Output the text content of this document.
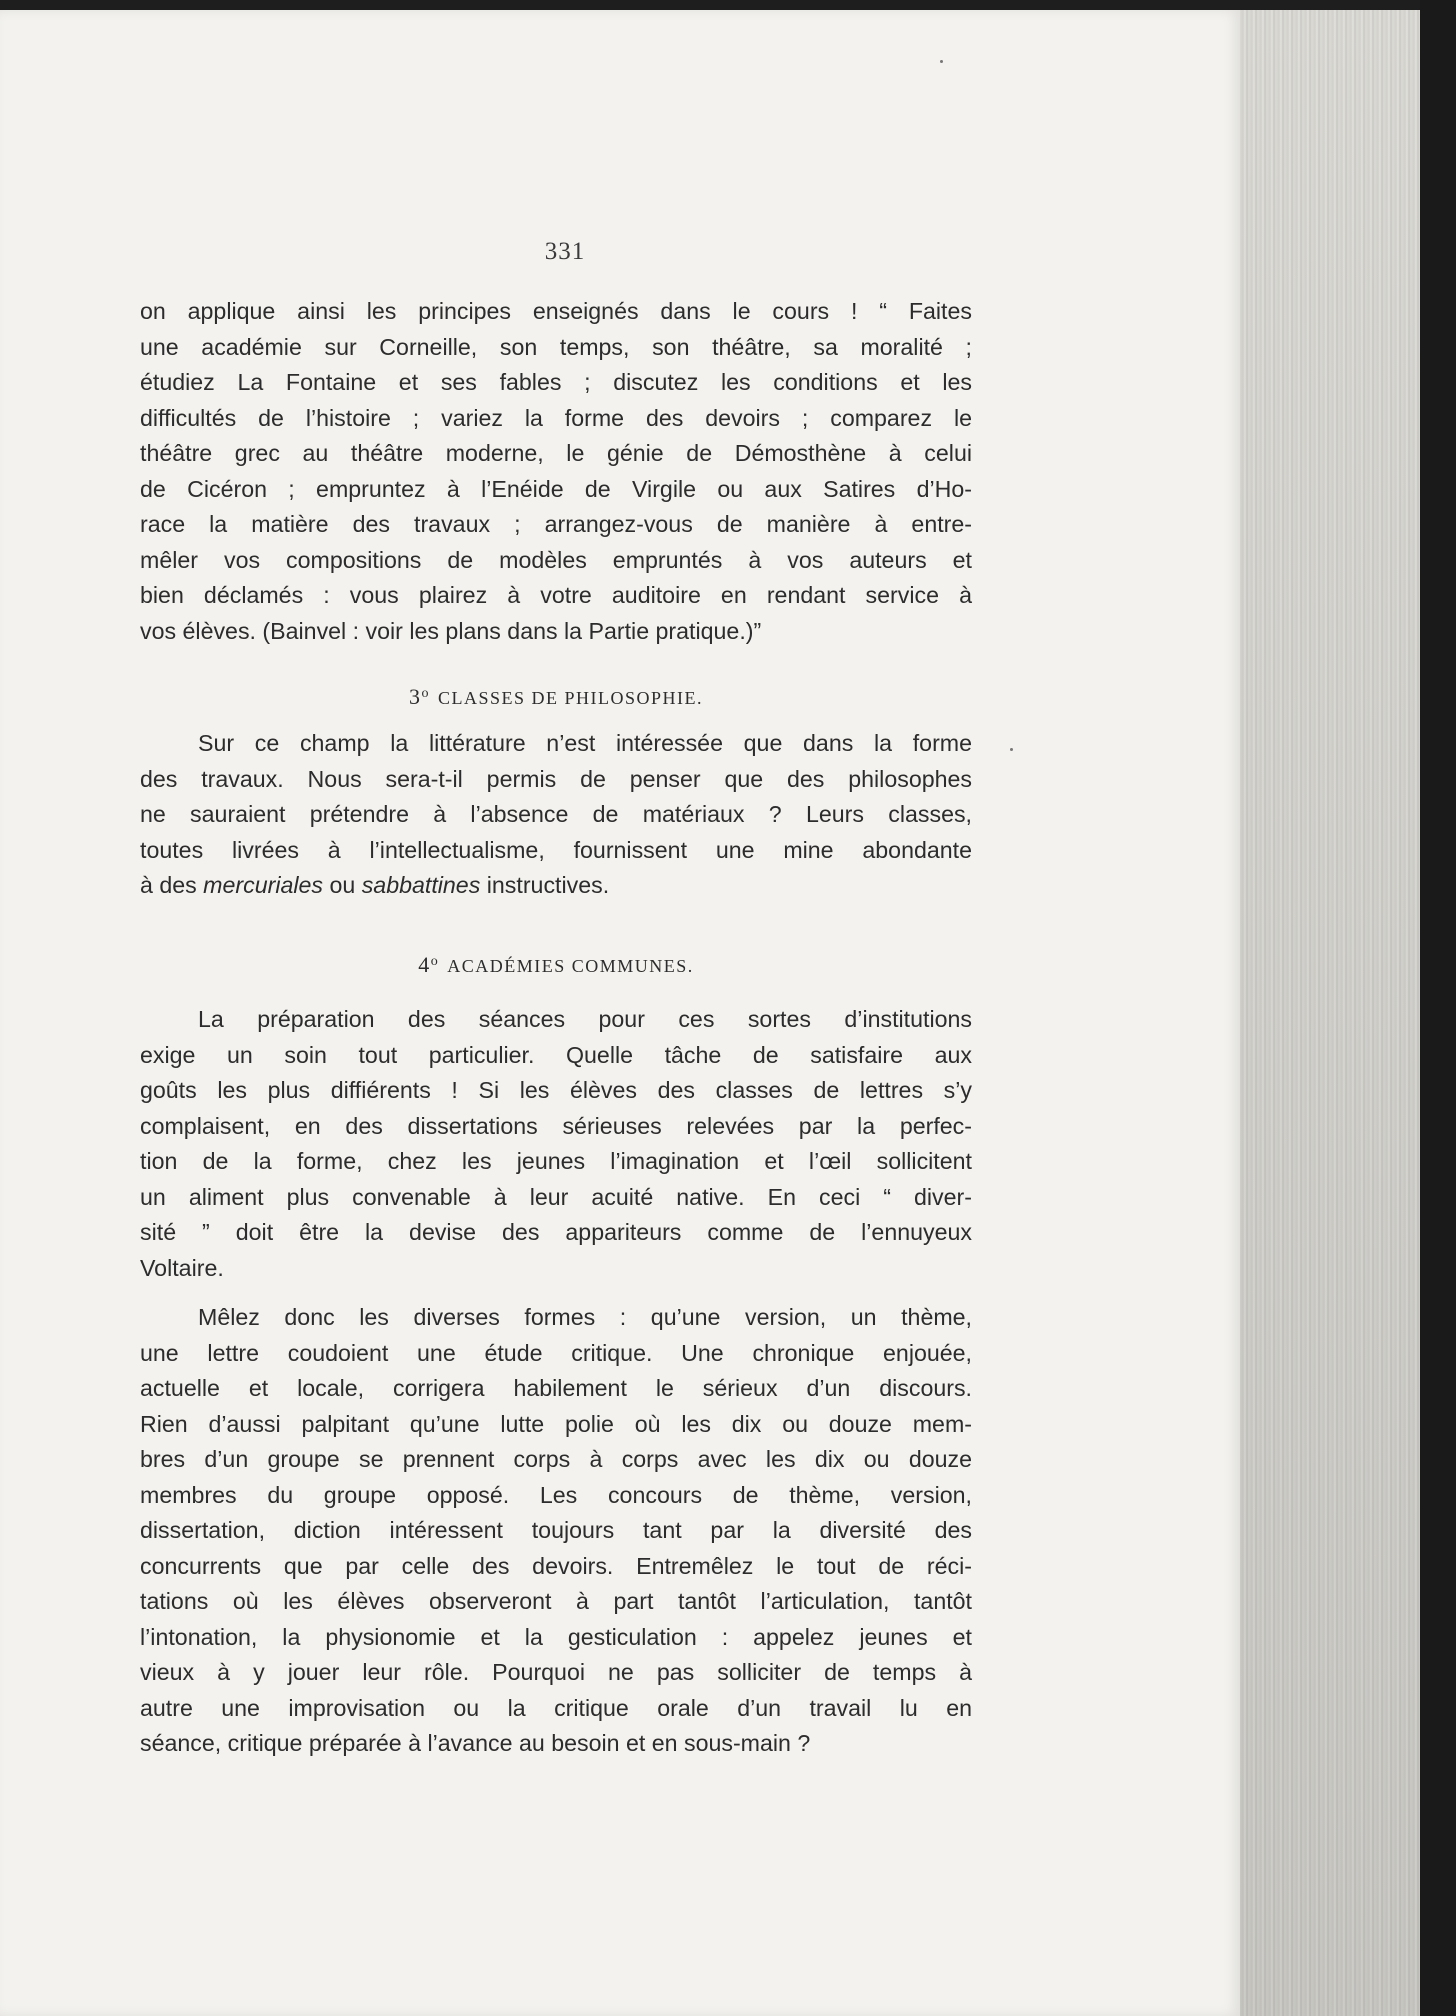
331
on applique ainsi les principes enseignés dans le cours ! “ Faites
une académie sur Corneille, son temps, son théâtre, sa moralité ;
étudiez La Fontaine et ses fables ; discutez les conditions et les
difficultés de l’histoire ; variez la forme des devoirs ; comparez le
théâtre grec au théâtre moderne, le génie de Démosthène à celui
de Cicéron ; empruntez à l’Enéide de Virgile ou aux Satires d’Ho-
race la matière des travaux ; arrangez-vous de manière à entre-
mêler vos compositions de modèles empruntés à vos auteurs et
bien déclamés : vous plairez à votre auditoire en rendant service à
vos élèves. (Bainvel : voir les plans dans la Partie pratique.)”
3$^o$ CLASSES DE PHILOSOPHIE.
Sur ce champ la littérature n’est intéressée que dans la forme
des travaux. Nous sera-t-il permis de penser que des philosophes
ne sauraient prétendre à l’absence de matériaux ? Leurs classes,
toutes livrées à l’intellectualisme, fournissent une mine abondante
à des mercuriales ou sabbattines instructives.
4$^o$ ACADÉMIES COMMUNES.
La préparation des séances pour ces sortes d’institutions
exige un soin tout particulier. Quelle tâche de satisfaire aux
goûts les plus diffiérents ! Si les élèves des classes de lettres s’y
complaisent, en des dissertations sérieuses relevées par la perfec-
tion de la forme, chez les jeunes l’imagination et l’œil sollicitent
un aliment plus convenable à leur acuité native. En ceci “ diver-
sité ” doit être la devise des appariteurs comme de l’ennuyeux
Voltaire.
Mêlez donc les diverses formes : qu’une version, un thème,
une lettre coudoient une étude critique. Une chronique enjouée,
actuelle et locale, corrigera habilement le sérieux d’un discours.
Rien d’aussi palpitant qu’une lutte polie où les dix ou douze mem-
bres d’un groupe se prennent corps à corps avec les dix ou douze
membres du groupe opposé. Les concours de thème, version,
dissertation, diction intéressent toujours tant par la diversité des
concurrents que par celle des devoirs. Entremêlez le tout de réci-
tations où les élèves observeront à part tantôt l’articulation, tantôt
l’intonation, la physionomie et la gesticulation : appelez jeunes et
vieux à y jouer leur rôle. Pourquoi ne pas solliciter de temps à
autre une improvisation ou la critique orale d’un travail lu en
séance, critique préparée à l’avance au besoin et en sous-main ?
